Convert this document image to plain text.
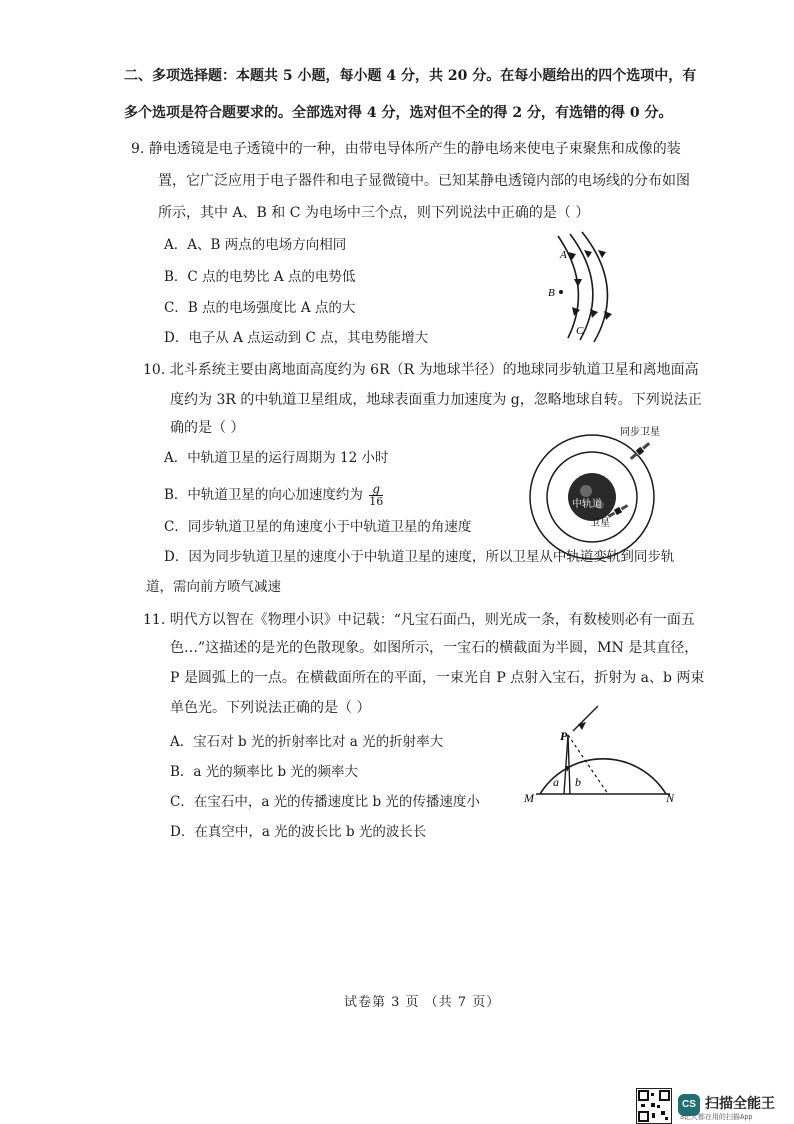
二、多项选择题：本题共 5 小题，每小题 4 分，共 20 分。在每小题给出的四个选项中，有
多个选项是符合题要求的。全部选对得 4 分，选对但不全的得 2 分，有选错的得 0 分。
9. 静电透镜是电子透镜中的一种，由带电导体所产生的静电场来使电子束聚焦和成像的装
置，它广泛应用于电子器件和电子显微镜中。已知某静电透镜内部的电场线的分布如图
所示，其中 A、B 和 C 为电场中三个点，则下列说法中正确的是（ ）
A．A、B 两点的电场方向相同
B．C 点的电势比 A 点的电势低
C．B 点的电场强度比 A 点的大
D．电子从 A 点运动到 C 点，其电势能增大
A
B
C
10. 北斗系统主要由离地面高度约为 6R（R 为地球半径）的地球同步轨道卫星和离地面高
度约为 3R 的中轨道卫星组成，地球表面重力加速度为 g，忽略地球自转。下列说法正
确的是（ ）
A．中轨道卫星的运行周期为 12 小时
B．中轨道卫星的向心加速度约为 $\frac{g}{16}$
C．同步轨道卫星的角速度小于中轨道卫星的角速度
D．因为同步轨道卫星的速度小于中轨道卫星的速度，所以卫星从中轨道变轨到同步轨
道，需向前方喷气减速
同步卫星
中轨道
卫星
11. 明代方以智在《物理小识》中记载：“凡宝石面凸，则光成一条，有数棱则必有一面五
色…”这描述的是光的色散现象。如图所示，一宝石的横截面为半圆，MN 是其直径，
P 是圆弧上的一点。在横截面所在的平面，一束光自 P 点射入宝石，折射为 a、b 两束
单色光。下列说法正确的是（ ）
A．宝石对 b 光的折射率比对 a 光的折射率大
B．a 光的频率比 b 光的频率大
C．在宝石中，a 光的传播速度比 b 光的传播速度小
D．在真空中，a 光的波长比 b 光的波长长
P
M	N
a b
试卷第 3 页 （共 7 页）
CS 扫描全能王
3亿人都在用的扫描App
